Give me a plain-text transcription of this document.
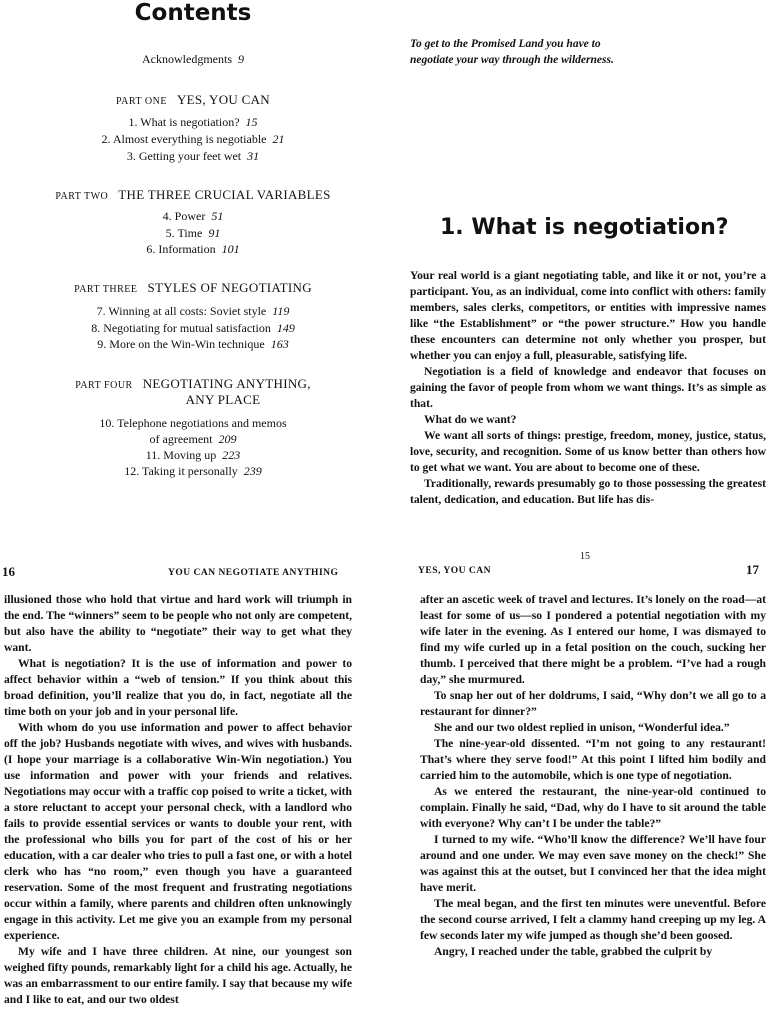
Contents
Acknowledgments 9
PART ONE YES, YOU CAN
1. What is negotiation? 15
2. Almost everything is negotiable 21
3. Getting your feet wet 31
PART TWO THE THREE CRUCIAL VARIABLES
4. Power 51
5. Time 91
6. Information 101
PART THREE STYLES OF NEGOTIATING
7. Winning at all costs: Soviet style 119
8. Negotiating for mutual satisfaction 149
9. More on the Win-Win technique 163
PART FOUR NEGOTIATING ANYTHING,
ANY PLACE
10. Telephone negotiations and memos
of agreement 209
11. Moving up 223
12. Taking it personally 239
To get to the Promised Land you have to
negotiate your way through the wilderness.
1. What is negotiation?

Your real world is a giant negotiating table, and like it or not, you’re a participant. You, as an individual, come into conflict with others: family members, sales clerks, competitors, or entities with impressive names like “the Establishment” or “the power structure.” How you handle these encounters can determine not only whether you prosper, but whether you can enjoy a full, pleasurable, satisfying life.

Negotiation is a field of knowledge and endeavor that focuses on gaining the favor of people from whom we want things. It’s as simple as that.

What do we want?

We want all sorts of things: prestige, freedom, money, justice, status, love, security, and recognition. Some of us know better than others how to get what we want. You are about to become one of these.

Traditionally, rewards presumably go to those possessing the greatest talent, dedication, and education. But life has dis-

15
16	YOU CAN NEGOTIATE ANYTHING

illusioned those who hold that virtue and hard work will triumph in the end. The “winners” seem to be people who not only are competent, but also have the ability to “negotiate” their way to get what they want.

What is negotiation? It is the use of information and power to affect behavior within a “web of tension.” If you think about this broad definition, you’ll realize that you do, in fact, negotiate all the time both on your job and in your personal life.

With whom do you use information and power to affect behavior off the job? Husbands negotiate with wives, and wives with husbands. (I hope your marriage is a collaborative Win-Win negotiation.) You use information and power with your friends and relatives. Negotiations may occur with a traffic cop poised to write a ticket, with a store reluctant to accept your personal check, with a landlord who fails to provide essential services or wants to double your rent, with the professional who bills you for part of the cost of his or her education, with a car dealer who tries to pull a fast one, or with a hotel clerk who has “no room,” even though you have a guaranteed reservation. Some of the most frequent and frustrating negotiations occur within a family, where parents and children often unknowingly engage in this activity. Let me give you an example from my personal experience.

My wife and I have three children. At nine, our youngest son weighed fifty pounds, remarkably light for a child his age. Actually, he was an embarrassment to our entire family. I say that because my wife and I like to eat, and our two oldest

YES, YOU CAN	17

after an ascetic week of travel and lectures. It’s lonely on the road—at least for some of us—so I pondered a potential negotiation with my wife later in the evening. As I entered our home, I was dismayed to find my wife curled up in a fetal position on the couch, sucking her thumb. I perceived that there might be a problem. “I’ve had a rough day,” she murmured.

To snap her out of her doldrums, I said, “Why don’t we all go to a restaurant for dinner?”

She and our two oldest replied in unison, “Wonderful idea.”

The nine-year-old dissented. “I’m not going to any restaurant! That’s where they serve food!” At this point I lifted him bodily and carried him to the automobile, which is one type of negotiation.

As we entered the restaurant, the nine-year-old continued to complain. Finally he said, “Dad, why do I have to sit around the table with everyone? Why can’t I be under the table?”

I turned to my wife. “Who’ll know the difference? We’ll have four around and one under. We may even save money on the check!” She was against this at the outset, but I convinced her that the idea might have merit.

The meal began, and the first ten minutes were uneventful. Before the second course arrived, I felt a clammy hand creeping up my leg. A few seconds later my wife jumped as though she’d been goosed.

Angry, I reached under the table, grabbed the culprit by
